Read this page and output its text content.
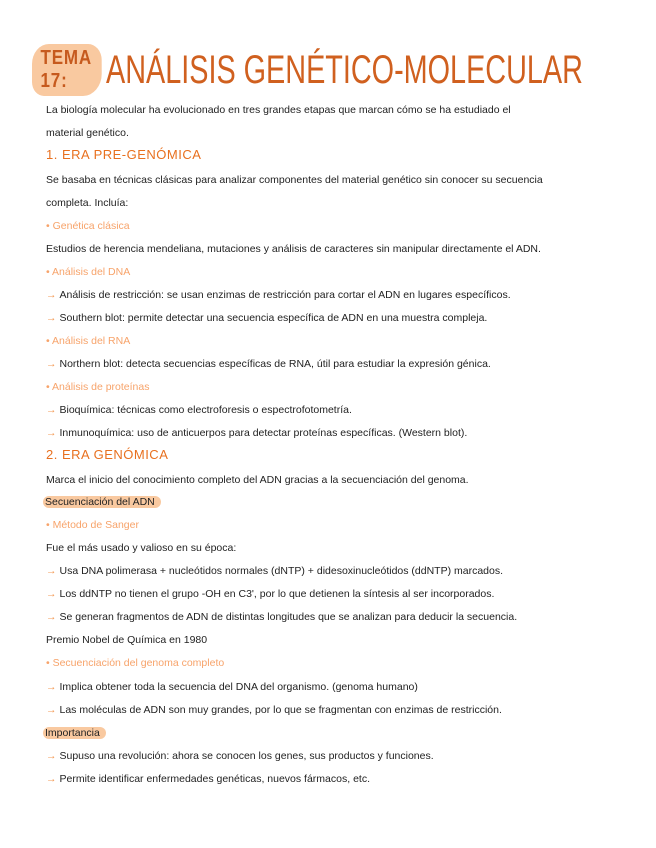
TEMA 17: ANÁLISIS GENÉTICO-MOLECULAR
La biología molecular ha evolucionado en tres grandes etapas que marcan cómo se ha estudiado el
material genético.
1. ERA PRE-GENÓMICA
Se basaba en técnicas clásicas para analizar componentes del material genético sin conocer su secuencia
completa. Incluía:
• Genética clásica
Estudios de herencia mendeliana, mutaciones y análisis de caracteres sin manipular directamente el ADN.
• Análisis del DNA
→ Análisis de restricción: se usan enzimas de restricción para cortar el ADN en lugares específicos.
→ Southern blot: permite detectar una secuencia específica de ADN en una muestra compleja.
• Análisis del RNA
→ Northern blot: detecta secuencias específicas de RNA, útil para estudiar la expresión génica.
• Análisis de proteínas
→ Bioquímica: técnicas como electroforesis o espectrofotometría.
→ Inmunoquímica: uso de anticuerpos para detectar proteínas específicas. (Western blot).
2. ERA GENÓMICA
Marca el inicio del conocimiento completo del ADN gracias a la secuenciación del genoma.
Secuenciación del ADN
• Método de Sanger
Fue el más usado y valioso en su época:
→ Usa DNA polimerasa + nucleótidos normales (dNTP) + didesoxinucleótidos (ddNTP) marcados.
→ Los ddNTP no tienen el grupo -OH en C3', por lo que detienen la síntesis al ser incorporados.
→ Se generan fragmentos de ADN de distintas longitudes que se analizan para deducir la secuencia.
Premio Nobel de Química en 1980
• Secuenciación del genoma completo
→ Implica obtener toda la secuencia del DNA del organismo. (genoma humano)
→ Las moléculas de ADN son muy grandes, por lo que se fragmentan con enzimas de restricción.
Importancia
→ Supuso una revolución: ahora se conocen los genes, sus productos y funciones.
→ Permite identificar enfermedades genéticas, nuevos fármacos, etc.
